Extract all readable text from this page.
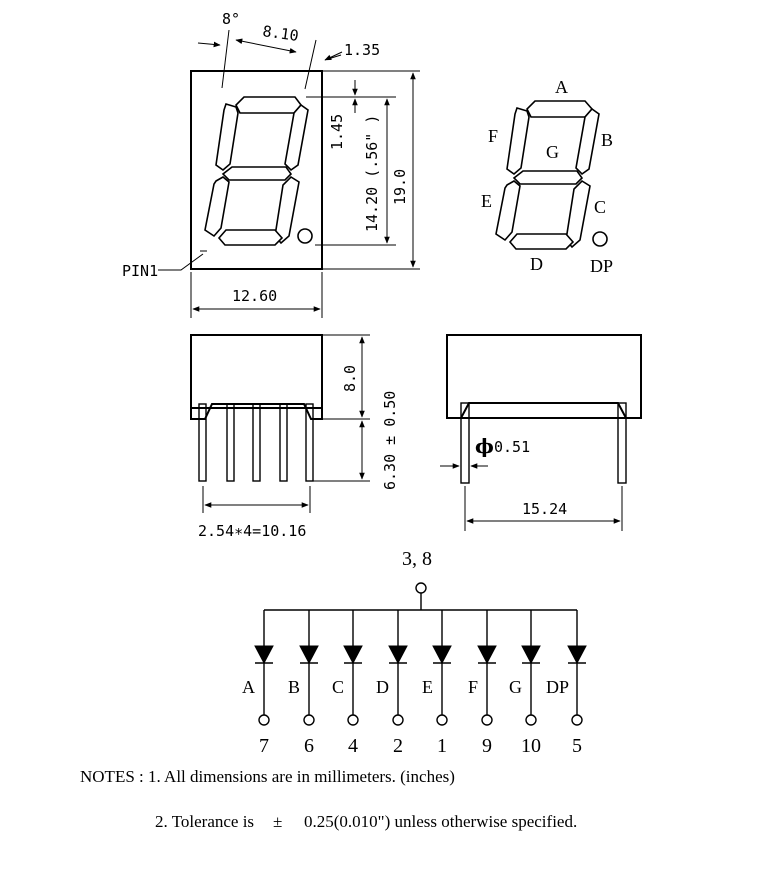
8°
8.10
1.35
1.45 14.20 (.56" ) 19.0
12.60
PIN1
A
B
C
D
E
F
G
DP
8.0
6.30 ± 0.50
2.54∗4=10.16
ϕ 0.51
15.24
3, 8
A
7
B
6
C
4
D
2
E
1
F
9
G
10
DP
5
NOTES : 1. All dimensions are in millimeters. (inches)
2. Tolerance is ± 0.25(0.010") unless otherwise specified.
